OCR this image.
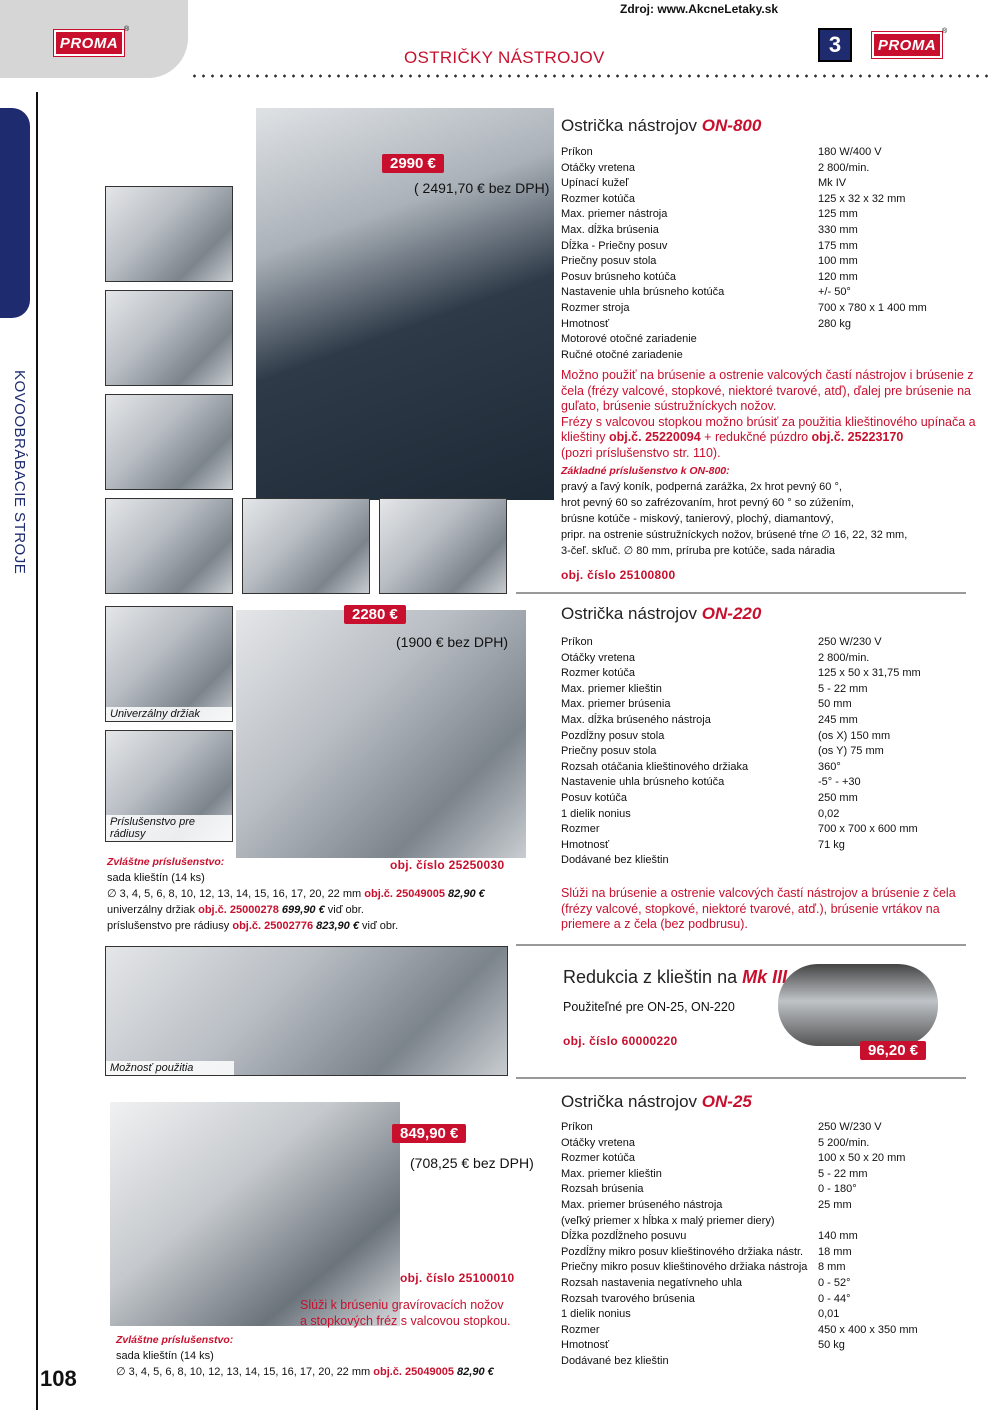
PROMA
®
Zdroj: www.AkcneLetaky.sk
3	PROMA
®
OSTRIČKY NÁSTROJOV
KOVOOBRÁBACIE STROJE
108
2990 €
( 2491,70 € bez DPH)
Ostrička nástrojov ON-800
Príkon	180 W/400 V
Otáčky vretena	2 800/min.
Upínací kužeľ	Mk IV
Rozmer kotúča	125 x 32 x 32 mm
Max. priemer nástroja	125 mm
Max. dĺžka brúsenia	330 mm
Dĺžka - Priečny posuv	175 mm
Priečny posuv stola	100 mm
Posuv brúsneho kotúča	120 mm
Nastavenie uhla brúsneho kotúča	+/- 50°
Rozmer stroja	700 x 780 x 1 400 mm
Hmotnosť	280 kg
Motorové otočné zariadenie
Ručné otočné zariadenie
Možno použiť na brúsenie a ostrenie valcových častí nástrojov i brúsenie z čela (frézy valcové, stopkové, niektoré tvarové, atď), ďalej pre brúsenie na guľato, brúsenie sústružníckych nožov.
Frézy s valcovou stopkou možno brúsiť za použitia klieštinového upínača a klieštiny obj.č. 25220094 + redukčné púzdro obj.č. 25223170
(pozri príslušenstvo str. 110).
Základné príslušenstvo k ON-800:
pravý a ľavý koník, podperná zarážka, 2x hrot pevný 60 °,
hrot pevný 60 so zafrézovaním, hrot pevný 60 ° so zúžením,
brúsne kotúče - miskový, tanierový, plochý, diamantový,
pripr. na ostrenie sústružníckych nožov, brúsené tŕne ∅ 16, 22, 32 mm,
3-čeľ. skľuč. ∅ 80 mm, príruba pre kotúče, sada náradia
obj. číslo 25100800
Univerzálny držiak
Príslušenstvo pre rádiusy
2280 €
(1900 € bez DPH)
obj. číslo 25250030
Zvláštne príslušenstvo:
sada klieštín (14 ks)
∅ 3, 4, 5, 6, 8, 10, 12, 13, 14, 15, 16, 17, 20, 22 mm obj.č. 25049005 82,90 €
univerzálny držiak obj.č. 25000278 699,90 € viď obr.
príslušenstvo pre rádiusy obj.č. 25002776 823,90 € viď obr.
Ostrička nástrojov ON-220
Príkon	250 W/230 V
Otáčky vretena	2 800/min.
Rozmer kotúča	125 x 50 x 31,75 mm
Max. priemer klieštin	5 - 22 mm
Max. priemer brúsenia	50 mm
Max. dĺžka brúseného nástroja	245 mm
Pozdĺžny posuv stola	(os X) 150 mm
Priečny posuv stola	(os Y) 75 mm
Rozsah otáčania klieštinového držiaka	360°
Nastavenie uhla brúsneho kotúča	-5° - +30
Posuv kotúča	250 mm
1 dielik nonius	0,02
Rozmer	700 x 700 x 600 mm
Hmotnosť	71 kg
Dodávané bez klieštin
Slúži na brúsenie a ostrenie valcových častí nástrojov a brúsenie z čela (frézy valcové, stopkové, niektoré tvarové, atď.), brúsenie vrtákov na priemere a z čela (bez podbrusu).
Možnosť použitia
Redukcia z klieštin na Mk III
Použiteľné pre ON-25, ON-220
obj. číslo 60000220
96,20 €
849,90 €
(708,25 € bez DPH)
obj. číslo 25100010
Slúži k brúseniu gravírovacích nožov
a stopkových fréz s valcovou stopkou.
Zvláštne príslušenstvo:
sada klieštín (14 ks)
∅ 3, 4, 5, 6, 8, 10, 12, 13, 14, 15, 16, 17, 20, 22 mm obj.č. 25049005 82,90 €
Ostrička nástrojov ON-25
Príkon	250 W/230 V
Otáčky vretena	5 200/min.
Rozmer kotúča	100 x 50 x 20 mm
Max. priemer klieštin	5 - 22 mm
Rozsah brúsenia	0 - 180°
Max. priemer brúseného nástroja	25 mm
(veľký priemer x hĺbka x malý priemer diery)
Dĺžka pozdĺžneho posuvu	140 mm
Pozdĺžny mikro posuv klieštinového držiaka nástr. 18 mm
Priečny mikro posuv klieštinového držiaka nástroja 8 mm
Rozsah nastavenia negatívneho uhla	0 - 52°
Rozsah tvarového brúsenia	0 - 44°
1 dielik nonius	0,01
Rozmer	450 x 400 x 350 mm
Hmotnosť	50 kg
Dodávané bez klieštin
